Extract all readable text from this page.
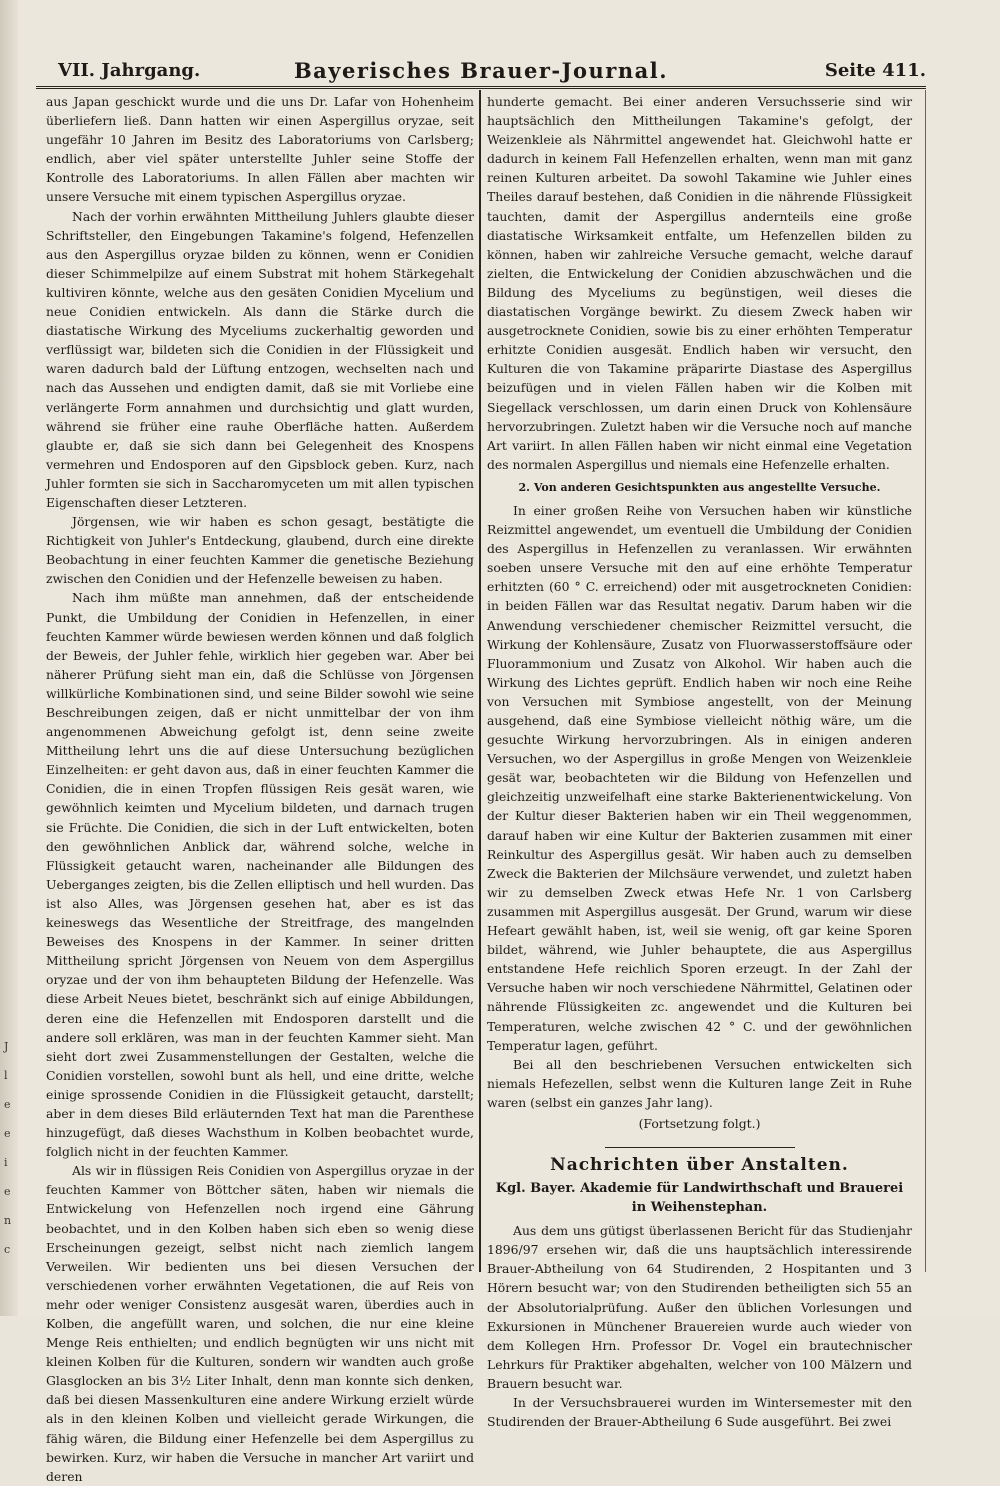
J
l
e
e
i
e
n
c
VII. Jahrgang.	Bayerisches Brauer-Journal.	Seite 411.

aus Japan geschickt wurde und die uns Dr. Lafar von Hohenheim überliefern ließ. Dann hatten wir einen Aspergillus oryzae, seit ungefähr 10 Jahren im Besitz des Laboratoriums von Carlsberg; endlich, aber viel später unterstellte Juhler seine Stoffe der Kontrolle des Laboratoriums. In allen Fällen aber machten wir unsere Versuche mit einem typischen Aspergillus oryzae.

Nach der vorhin erwähnten Mittheilung Juhlers glaubte dieser Schriftsteller, den Eingebungen Takamine's folgend, Hefenzellen aus den Aspergillus oryzae bilden zu können, wenn er Conidien dieser Schimmelpilze auf einem Substrat mit hohem Stärkegehalt kultiviren könnte, welche aus den gesäten Conidien Mycelium und neue Conidien entwickeln. Als dann die Stärke durch die diastatische Wirkung des Myceliums zuckerhaltig geworden und verflüssigt war, bildeten sich die Conidien in der Flüssigkeit und waren dadurch bald der Lüftung entzogen, wechselten nach und nach das Aussehen und endigten damit, daß sie mit Vorliebe eine verlängerte Form annahmen und durchsichtig und glatt wurden, während sie früher eine rauhe Oberfläche hatten. Außerdem glaubte er, daß sie sich dann bei Gelegenheit des Knospens vermehren und Endosporen auf den Gipsblock geben. Kurz, nach Juhler formten sie sich in Saccharomyceten um mit allen typischen Eigenschaften dieser Letzteren.

Jörgensen, wie wir haben es schon gesagt, bestätigte die Richtigkeit von Juhler's Entdeckung, glaubend, durch eine direkte Beobachtung in einer feuchten Kammer die genetische Beziehung zwischen den Conidien und der Hefenzelle beweisen zu haben.

Nach ihm müßte man annehmen, daß der entscheidende Punkt, die Umbildung der Conidien in Hefenzellen, in einer feuchten Kammer würde bewiesen werden können und daß folglich der Beweis, der Juhler fehle, wirklich hier gegeben war. Aber bei näherer Prüfung sieht man ein, daß die Schlüsse von Jörgensen willkürliche Kombinationen sind, und seine Bilder sowohl wie seine Beschreibungen zeigen, daß er nicht unmittelbar der von ihm angenommenen Abweichung gefolgt ist, denn seine zweite Mittheilung lehrt uns die auf diese Untersuchung bezüglichen Einzelheiten: er geht davon aus, daß in einer feuchten Kammer die Conidien, die in einen Tropfen flüssigen Reis gesät waren, wie gewöhnlich keimten und Mycelium bildeten, und darnach trugen sie Früchte. Die Conidien, die sich in der Luft entwickelten, boten den gewöhnlichen Anblick dar, während solche, welche in Flüssigkeit getaucht waren, nacheinander alle Bildungen des Ueberganges zeigten, bis die Zellen elliptisch und hell wurden. Das ist also Alles, was Jörgensen gesehen hat, aber es ist das keineswegs das Wesentliche der Streitfrage, des mangelnden Beweises des Knospens in der Kammer. In seiner dritten Mittheilung spricht Jörgensen von Neuem von dem Aspergillus oryzae und der von ihm behaupteten Bildung der Hefenzelle. Was diese Arbeit Neues bietet, beschränkt sich auf einige Abbildungen, deren eine die Hefenzellen mit Endosporen darstellt und die andere soll erklären, was man in der feuchten Kammer sieht. Man sieht dort zwei Zusammenstellungen der Gestalten, welche die Conidien vorstellen, sowohl bunt als hell, und eine dritte, welche einige sprossende Conidien in die Flüssigkeit getaucht, darstellt; aber in dem dieses Bild erläuternden Text hat man die Parenthese hinzugefügt, daß dieses Wachsthum in Kolben beobachtet wurde, folglich nicht in der feuchten Kammer.

Als wir in flüssigen Reis Conidien von Aspergillus oryzae in der feuchten Kammer von Böttcher säten, haben wir niemals die Entwickelung von Hefenzellen noch irgend eine Gährung beobachtet, und in den Kolben haben sich eben so wenig diese Erscheinungen gezeigt, selbst nicht nach ziemlich langem Verweilen. Wir bedienten uns bei diesen Versuchen der verschiedenen vorher erwähnten Vegetationen, die auf Reis von mehr oder weniger Consistenz ausgesät waren, überdies auch in Kolben, die angefüllt waren, und solchen, die nur eine kleine Menge Reis enthielten; und endlich begnügten wir uns nicht mit kleinen Kolben für die Kulturen, sondern wir wandten auch große Glasglocken an bis 3½ Liter Inhalt, denn man konnte sich denken, daß bei diesen Massenkulturen eine andere Wirkung erzielt würde als in den kleinen Kolben und vielleicht gerade Wirkungen, die fähig wären, die Bildung einer Hefenzelle bei dem Aspergillus zu bewirken. Kurz, wir haben die Versuche in mancher Art variirt und deren

hunderte gemacht. Bei einer anderen Versuchsserie sind wir hauptsächlich den Mittheilungen Takamine's gefolgt, der Weizenkleie als Nährmittel angewendet hat. Gleichwohl hatte er dadurch in keinem Fall Hefenzellen erhalten, wenn man mit ganz reinen Kulturen arbeitet. Da sowohl Takamine wie Juhler eines Theiles darauf bestehen, daß Conidien in die nährende Flüssigkeit tauchten, damit der Aspergillus andernteils eine große diastatische Wirksamkeit entfalte, um Hefenzellen bilden zu können, haben wir zahlreiche Versuche gemacht, welche darauf zielten, die Entwickelung der Conidien abzuschwächen und die Bildung des Myceliums zu begünstigen, weil dieses die diastatischen Vorgänge bewirkt. Zu diesem Zweck haben wir ausgetrocknete Conidien, sowie bis zu einer erhöhten Temperatur erhitzte Conidien ausgesät. Endlich haben wir versucht, den Kulturen die von Takamine präparirte Diastase des Aspergillus beizufügen und in vielen Fällen haben wir die Kolben mit Siegellack verschlossen, um darin einen Druck von Kohlensäure hervorzubringen. Zuletzt haben wir die Versuche noch auf manche Art variirt. In allen Fällen haben wir nicht einmal eine Vegetation des normalen Aspergillus und niemals eine Hefenzelle erhalten.

2. Von anderen Gesichtspunkten aus angestellte Versuche.

In einer großen Reihe von Versuchen haben wir künstliche Reizmittel angewendet, um eventuell die Umbildung der Conidien des Aspergillus in Hefenzellen zu veranlassen. Wir erwähnten soeben unsere Versuche mit den auf eine erhöhte Temperatur erhitzten (60 ° C. erreichend) oder mit ausgetrockneten Conidien: in beiden Fällen war das Resultat negativ. Darum haben wir die Anwendung verschiedener chemischer Reizmittel versucht, die Wirkung der Kohlensäure, Zusatz von Fluorwasserstoffsäure oder Fluorammonium und Zusatz von Alkohol. Wir haben auch die Wirkung des Lichtes geprüft. Endlich haben wir noch eine Reihe von Versuchen mit Symbiose angestellt, von der Meinung ausgehend, daß eine Symbiose vielleicht nöthig wäre, um die gesuchte Wirkung hervorzubringen. Als in einigen anderen Versuchen, wo der Aspergillus in große Mengen von Weizenkleie gesät war, beobachteten wir die Bildung von Hefenzellen und gleichzeitig unzweifelhaft eine starke Bakterienentwickelung. Von der Kultur dieser Bakterien haben wir ein Theil weggenommen, darauf haben wir eine Kultur der Bakterien zusammen mit einer Reinkultur des Aspergillus gesät. Wir haben auch zu demselben Zweck die Bakterien der Milchsäure verwendet, und zuletzt haben wir zu demselben Zweck etwas Hefe Nr. 1 von Carlsberg zusammen mit Aspergillus ausgesät. Der Grund, warum wir diese Hefeart gewählt haben, ist, weil sie wenig, oft gar keine Sporen bildet, während, wie Juhler behauptete, die aus Aspergillus entstandene Hefe reichlich Sporen erzeugt. In der Zahl der Versuche haben wir noch verschiedene Nährmittel, Gelatinen oder nährende Flüssigkeiten zc. angewendet und die Kulturen bei Temperaturen, welche zwischen 42 ° C. und der gewöhnlichen Temperatur lagen, geführt.

Bei all den beschriebenen Versuchen entwickelten sich niemals Hefezellen, selbst wenn die Kulturen lange Zeit in Ruhe waren (selbst ein ganzes Jahr lang).

(Fortsetzung folgt.)
Nachrichten über Anstalten.
Kgl. Bayer. Akademie für Landwirthschaft und Brauerei in Weihenstephan.

Aus dem uns gütigst überlassenen Bericht für das Studienjahr 1896/97 ersehen wir, daß die uns hauptsächlich interessirende Brauer-Abtheilung von 64 Studirenden, 2 Hospitanten und 3 Hörern besucht war; von den Studirenden betheiligten sich 55 an der Absolutorialprüfung. Außer den üblichen Vorlesungen und Exkursionen in Münchener Brauereien wurde auch wieder von dem Kollegen Hrn. Professor Dr. Vogel ein brautechnischer Lehrkurs für Praktiker abgehalten, welcher von 100 Mälzern und Brauern besucht war.

In der Versuchsbrauerei wurden im Wintersemester mit den Studirenden der Brauer-Abtheilung 6 Sude ausgeführt. Bei zwei
